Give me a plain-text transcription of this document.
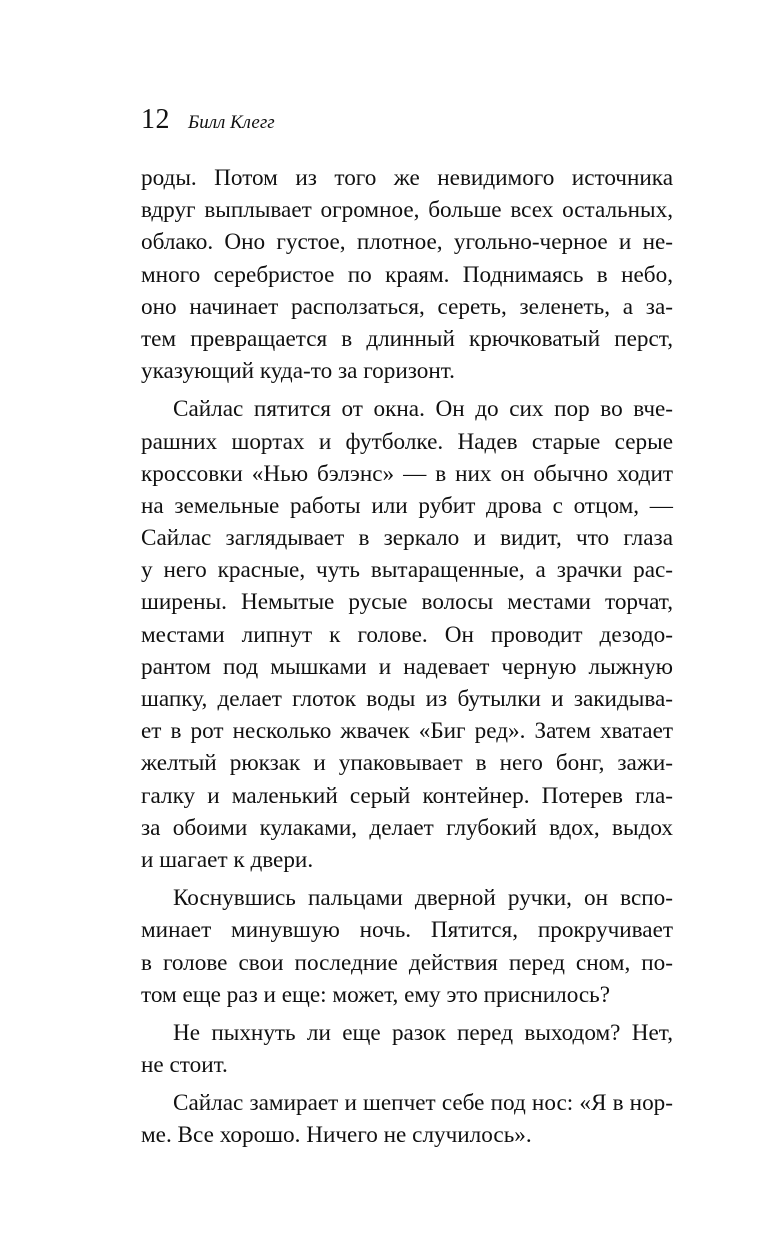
12 Билл Клегг
роды. Потом из того же невидимого источника
вдруг выплывает огромное, больше всех остальных,
облако. Оно густое, плотное, угольно-черное и не-
много серебристое по краям. Поднимаясь в небо,
оно начинает расползаться, сереть, зеленеть, а за-
тем превращается в длинный крючковатый перст,
указующий куда-то за горизонт.
Сайлас пятится от окна. Он до сих пор во вче-
рашних шортах и футболке. Надев старые серые
кроссовки «Нью бэлэнс» — в них он обычно ходит
на земельные работы или рубит дрова с отцом, —
Сайлас заглядывает в зеркало и видит, что глаза
у него красные, чуть вытаращенные, а зрачки рас-
ширены. Немытые русые волосы местами торчат,
местами липнут к голове. Он проводит дезодо-
рантом под мышками и надевает черную лыжную
шапку, делает глоток воды из бутылки и закидыва-
ет в рот несколько жвачек «Биг ред». Затем хватает
желтый рюкзак и упаковывает в него бонг, зажи-
галку и маленький серый контейнер. Потерев гла-
за обоими кулаками, делает глубокий вдох, выдох
и шагает к двери.
Коснувшись пальцами дверной ручки, он вспо-
минает минувшую ночь. Пятится, прокручивает
в голове свои последние действия перед сном, по-
том еще раз и еще: может, ему это приснилось?
Не пыхнуть ли еще разок перед выходом? Нет,
не стоит.
Сайлас замирает и шепчет себе под нос: «Я в нор-
ме. Все хорошо. Ничего не случилось».
